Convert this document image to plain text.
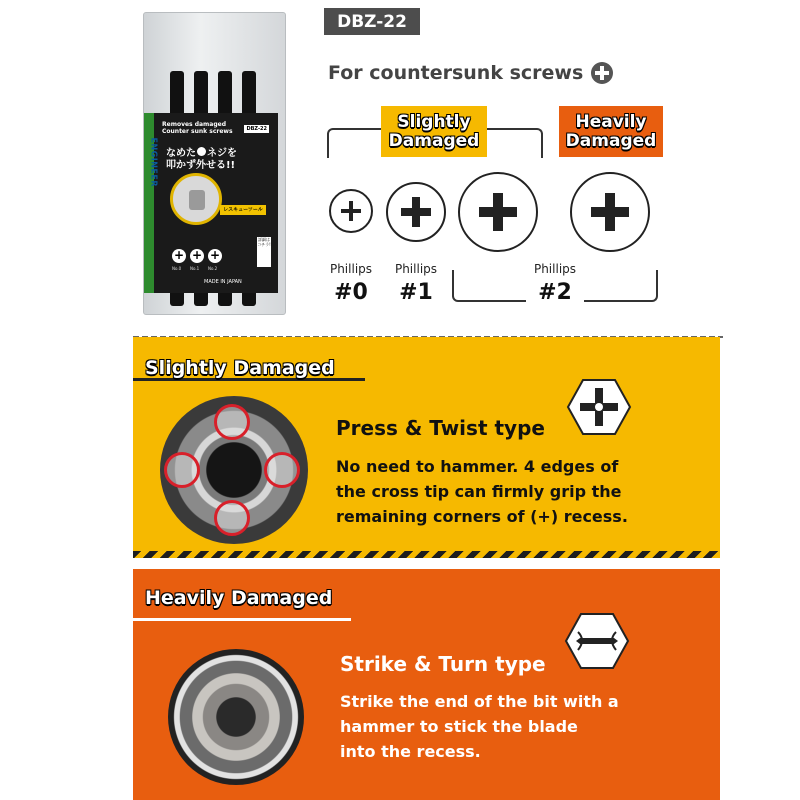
ENGINEER
Removes damaged
Counter sunk screws	DBZ-22
なめた ネジを
叩かず外せる!!
レスキューツール
+ + +
No.0 No.1 No.2
詳細は コチラ!
MADE IN JAPAN
DBZ-22
For countersunk screws
Slightly
Damaged
Heavily
Damaged
Phillips
#0
Phillips
#1
Phillips
#2
Slightly Damaged
Press & Twist type
No need to hammer. 4 edges of
the cross tip can firmly grip the
remaining corners of (+) recess.
Heavily Damaged
Strike & Turn type
Strike the end of the bit with a
hammer to stick the blade
into the recess.
